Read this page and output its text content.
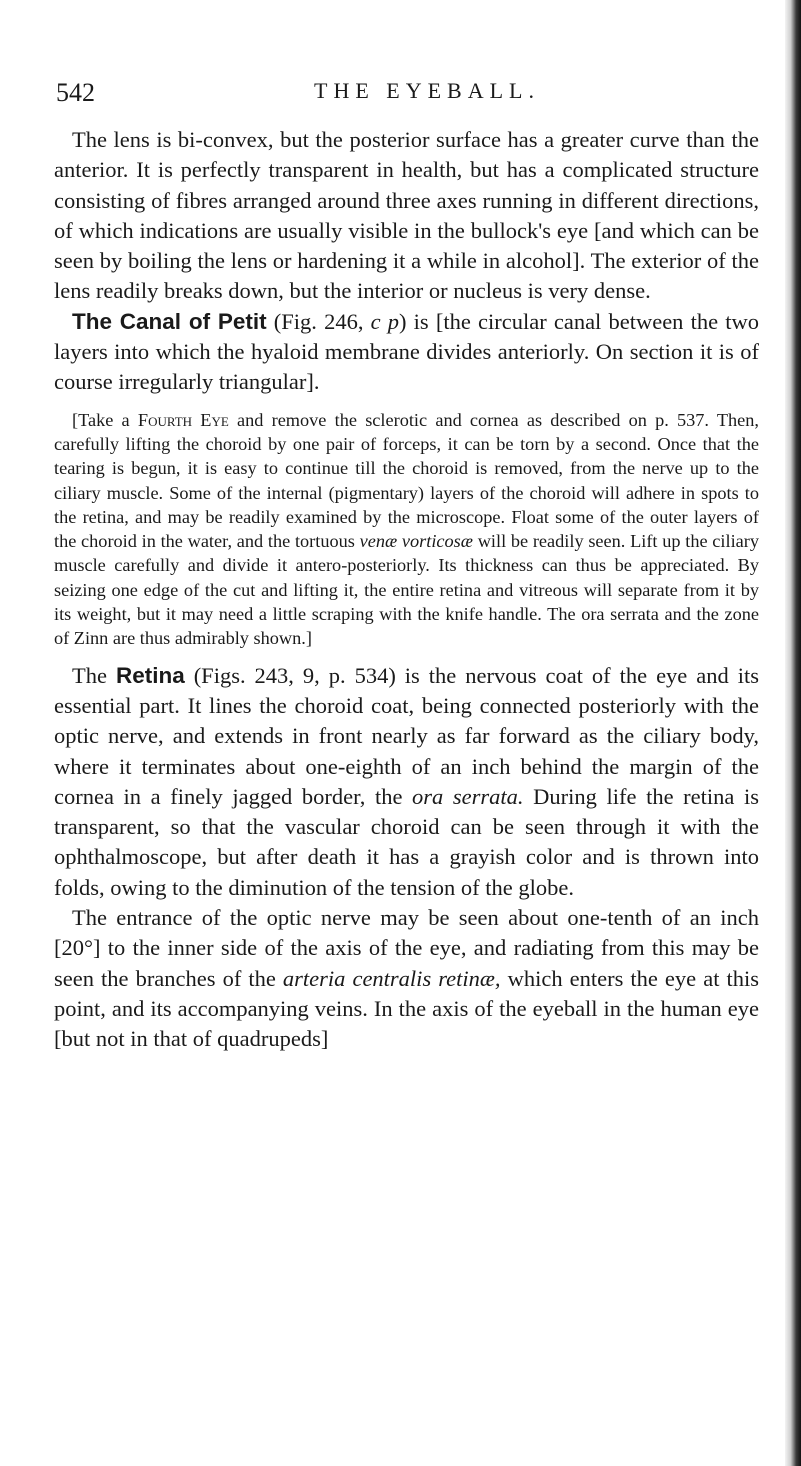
542	THE EYEBALL.

The lens is bi-convex, but the posterior surface has a greater curve than the anterior. It is perfectly transparent in health, but has a complicated structure consisting of fibres arranged around three axes running in different directions, of which indications are usually visible in the bullock's eye [and which can be seen by boiling the lens or hardening it a while in alcohol]. The exterior of the lens readily breaks down, but the interior or nucleus is very dense.

The Canal of Petit (Fig. 246, c p) is [the circular canal between the two layers into which the hyaloid membrane divides anteriorly. On section it is of course irregularly triangular].

[Take a Fourth Eye and remove the sclerotic and cornea as described on p. 537. Then, carefully lifting the choroid by one pair of forceps, it can be torn by a second. Once that the tearing is begun, it is easy to continue till the choroid is removed, from the nerve up to the ciliary muscle. Some of the internal (pigmentary) layers of the choroid will adhere in spots to the retina, and may be readily examined by the microscope. Float some of the outer layers of the choroid in the water, and the tortuous venæ vorticosæ will be readily seen. Lift up the ciliary muscle carefully and divide it antero-posteriorly. Its thickness can thus be appreciated. By seizing one edge of the cut and lifting it, the entire retina and vitreous will separate from it by its weight, but it may need a little scraping with the knife handle. The ora serrata and the zone of Zinn are thus admirably shown.]

The Retina (Figs. 243, 9, p. 534) is the nervous coat of the eye and its essential part. It lines the choroid coat, being connected posteriorly with the optic nerve, and extends in front nearly as far forward as the ciliary body, where it terminates about one-eighth of an inch behind the margin of the cornea in a finely jagged border, the ora serrata. During life the retina is transparent, so that the vascular choroid can be seen through it with the ophthalmoscope, but after death it has a grayish color and is thrown into folds, owing to the diminution of the tension of the globe.

The entrance of the optic nerve may be seen about one-tenth of an inch [20°] to the inner side of the axis of the eye, and radiating from this may be seen the branches of the arteria centralis retinæ, which enters the eye at this point, and its accompanying veins. In the axis of the eyeball in the human eye [but not in that of quadrupeds]
